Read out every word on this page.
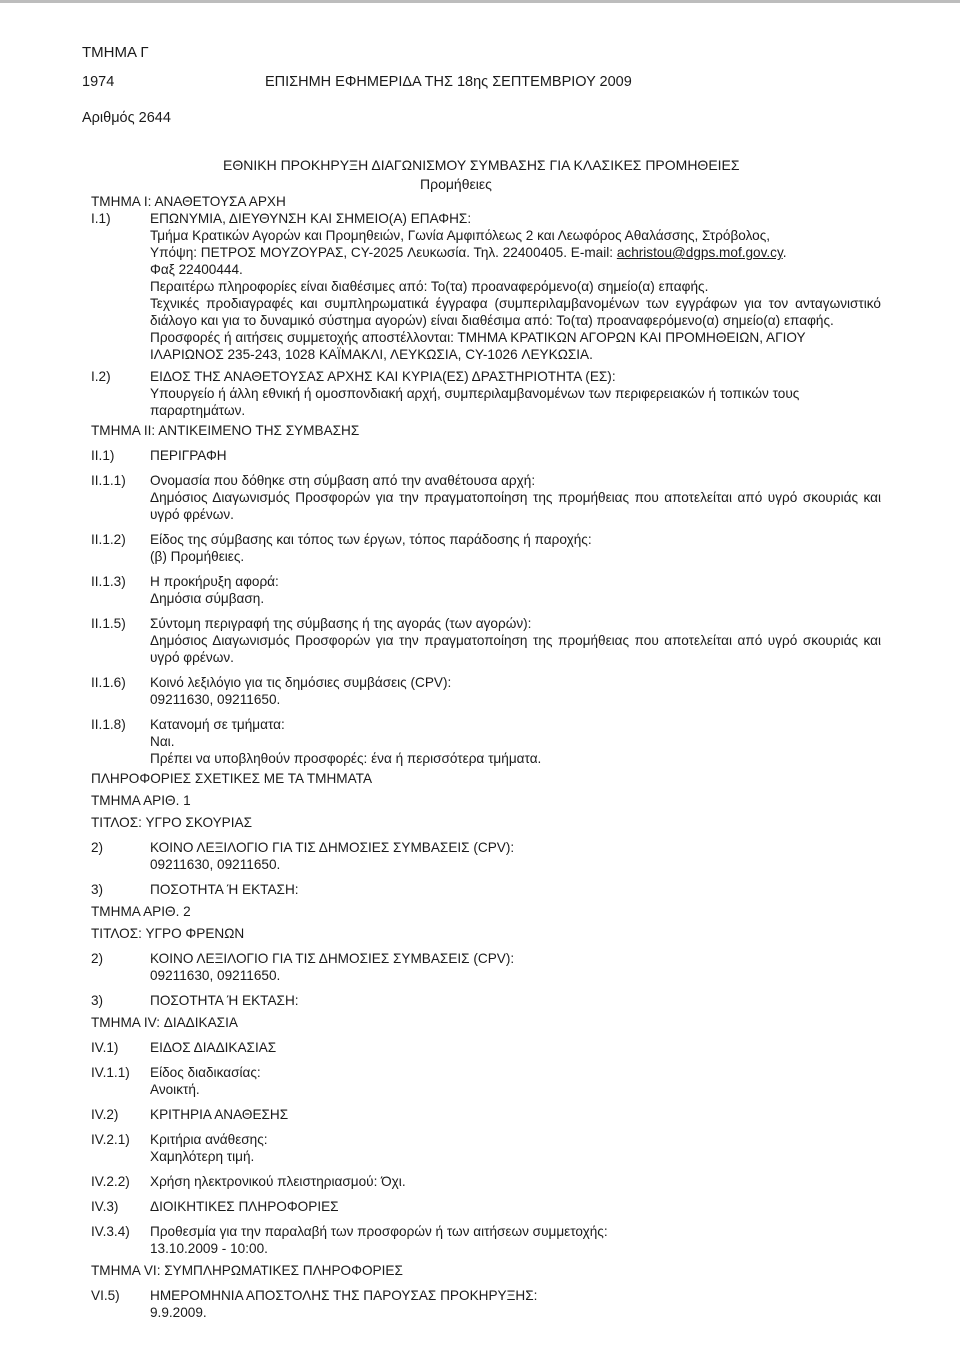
ΤΜΗΜΑ Γ
1974	ΕΠΙΣΗΜΗ ΕΦΗΜΕΡΙΔΑ ΤΗΣ 18ης ΣΕΠΤΕΜΒΡΙΟΥ 2009
Αριθμός 2644
ΕΘΝΙΚΗ ΠΡΟΚΗΡΥΞΗ ΔΙΑΓΩΝΙΣΜΟΥ ΣΥΜΒΑΣΗΣ ΓΙΑ ΚΛΑΣΙΚΕΣ ΠΡΟΜΗΘΕΙΕΣ
Προμήθειες
ΤΜΗΜΑ Ι: ΑΝΑΘΕΤΟΥΣΑ ΑΡΧΗ
Ι.1)	ΕΠΩΝΥΜΙΑ, ΔΙΕΥΘΥΝΣΗ ΚΑΙ ΣΗΜΕΙΟ(Α) ΕΠΑΦΗΣ:
Τμήμα Κρατικών Αγορών και Προμηθειών, Γωνία Αμφιπόλεως 2 και Λεωφόρος Αθαλάσσης, Στρόβολος,
Υπόψη: ΠΕΤΡΟΣ ΜΟΥΖΟΥΡΑΣ, CY-2025 Λευκωσία. Τηλ. 22400405. E-mail: achristou@dgps.mof.gov.cy.
Φαξ 22400444.
Περαιτέρω πληροφορίες είναι διαθέσιμες από: Το(τα) προαναφερόμενο(α) σημείο(α) επαφής.
Τεχνικές προδιαγραφές και συμπληρωματικά έγγραφα (συμπεριλαμβανομένων των εγγράφων για τον ανταγωνιστικό διάλογο και για το δυναμικό σύστημα αγορών) είναι διαθέσιμα από: Το(τα) προαναφερόμενο(α) σημείο(α) επαφής.
Προσφορές ή αιτήσεις συμμετοχής αποστέλλονται: ΤΜΗΜΑ ΚΡΑΤΙΚΩΝ ΑΓΟΡΩΝ ΚΑΙ ΠΡΟΜΗΘΕΙΩΝ, ΑΓΙΟΥ ΙΛΑΡΙΩΝΟΣ 235-243, 1028 ΚΑΪΜΑΚΛΙ, ΛΕΥΚΩΣΙΑ, CY-1026 ΛΕΥΚΩΣΙΑ.
Ι.2)	ΕΙΔΟΣ ΤΗΣ ΑΝΑΘΕΤΟΥΣΑΣ ΑΡΧΗΣ ΚΑΙ ΚΥΡΙΑ(ΕΣ) ΔΡΑΣΤΗΡΙΟΤΗΤΑ (ΕΣ):
Υπουργείο ή άλλη εθνική ή ομοσπονδιακή αρχή, συμπεριλαμβανομένων των περιφερειακών ή τοπικών τους παραρτημάτων.
ΤΜΗΜΑ ΙΙ: ΑΝΤΙΚΕΙΜΕΝΟ ΤΗΣ ΣΥΜΒΑΣΗΣ
ΙΙ.1)	ΠΕΡΙΓΡΑΦΗ
ΙΙ.1.1)	Ονομασία που δόθηκε στη σύμβαση από την αναθέτουσα αρχή:
Δημόσιος Διαγωνισμός Προσφορών για την πραγματοποίηση της προμήθειας που αποτελείται από υγρό σκουριάς και υγρό φρένων.
ΙΙ.1.2)	Είδος της σύμβασης και τόπος των έργων, τόπος παράδοσης ή παροχής:
(β) Προμήθειες.
ΙΙ.1.3)	Η προκήρυξη αφορά:
Δημόσια σύμβαση.
ΙΙ.1.5)	Σύντομη περιγραφή της σύμβασης ή της αγοράς (των αγορών):
Δημόσιος Διαγωνισμός Προσφορών για την πραγματοποίηση της προμήθειας που αποτελείται από υγρό σκουριάς και υγρό φρένων.
ΙΙ.1.6)	Κοινό λεξιλόγιο για τις δημόσιες συμβάσεις (CPV):
09211630, 09211650.
ΙΙ.1.8)	Κατανομή σε τμήματα:
Ναι.
Πρέπει να υποβληθούν προσφορές: ένα ή περισσότερα τμήματα.
ΠΛΗΡΟΦΟΡΙΕΣ ΣΧΕΤΙΚΕΣ ΜΕ ΤΑ ΤΜΗΜΑΤΑ
ΤΜΗΜΑ ΑΡΙΘ. 1
ΤΙΤΛΟΣ: ΥΓΡΟ ΣΚΟΥΡΙΑΣ
2)	ΚΟΙΝΟ ΛΕΞΙΛΟΓΙΟ ΓΙΑ ΤΙΣ ΔΗΜΟΣΙΕΣ ΣΥΜΒΑΣΕΙΣ (CPV):
09211630, 09211650.
3)	ΠΟΣΟΤΗΤΑ Ή ΕΚΤΑΣΗ:
ΤΜΗΜΑ ΑΡΙΘ. 2
ΤΙΤΛΟΣ: ΥΓΡΟ ΦΡΕΝΩΝ
2)	ΚΟΙΝΟ ΛΕΞΙΛΟΓΙΟ ΓΙΑ ΤΙΣ ΔΗΜΟΣΙΕΣ ΣΥΜΒΑΣΕΙΣ (CPV):
09211630, 09211650.
3)	ΠΟΣΟΤΗΤΑ Ή ΕΚΤΑΣΗ:
ΤΜΗΜΑ IV: ΔΙΑΔΙΚΑΣΙΑ
IV.1)	ΕΙΔΟΣ ΔΙΑΔΙΚΑΣΙΑΣ
IV.1.1)	Είδος διαδικασίας:
Ανοικτή.
IV.2)	ΚΡΙΤΗΡΙΑ ΑΝΑΘΕΣΗΣ
IV.2.1)	Κριτήρια ανάθεσης:
Χαμηλότερη τιμή.
IV.2.2)	Χρήση ηλεκτρονικού πλειστηριασμού: Όχι.
IV.3)	ΔΙΟΙΚΗΤΙΚΕΣ ΠΛΗΡΟΦΟΡΙΕΣ
IV.3.4)	Προθεσμία για την παραλαβή των προσφορών ή των αιτήσεων συμμετοχής:
13.10.2009 - 10:00.
ΤΜΗΜΑ VI: ΣΥΜΠΛΗΡΩΜΑΤΙΚΕΣ ΠΛΗΡΟΦΟΡΙΕΣ
VI.5)	ΗΜΕΡΟΜΗΝΙΑ ΑΠΟΣΤΟΛΗΣ ΤΗΣ ΠΑΡΟΥΣΑΣ ΠΡΟΚΗΡΥΞΗΣ:
9.9.2009.
